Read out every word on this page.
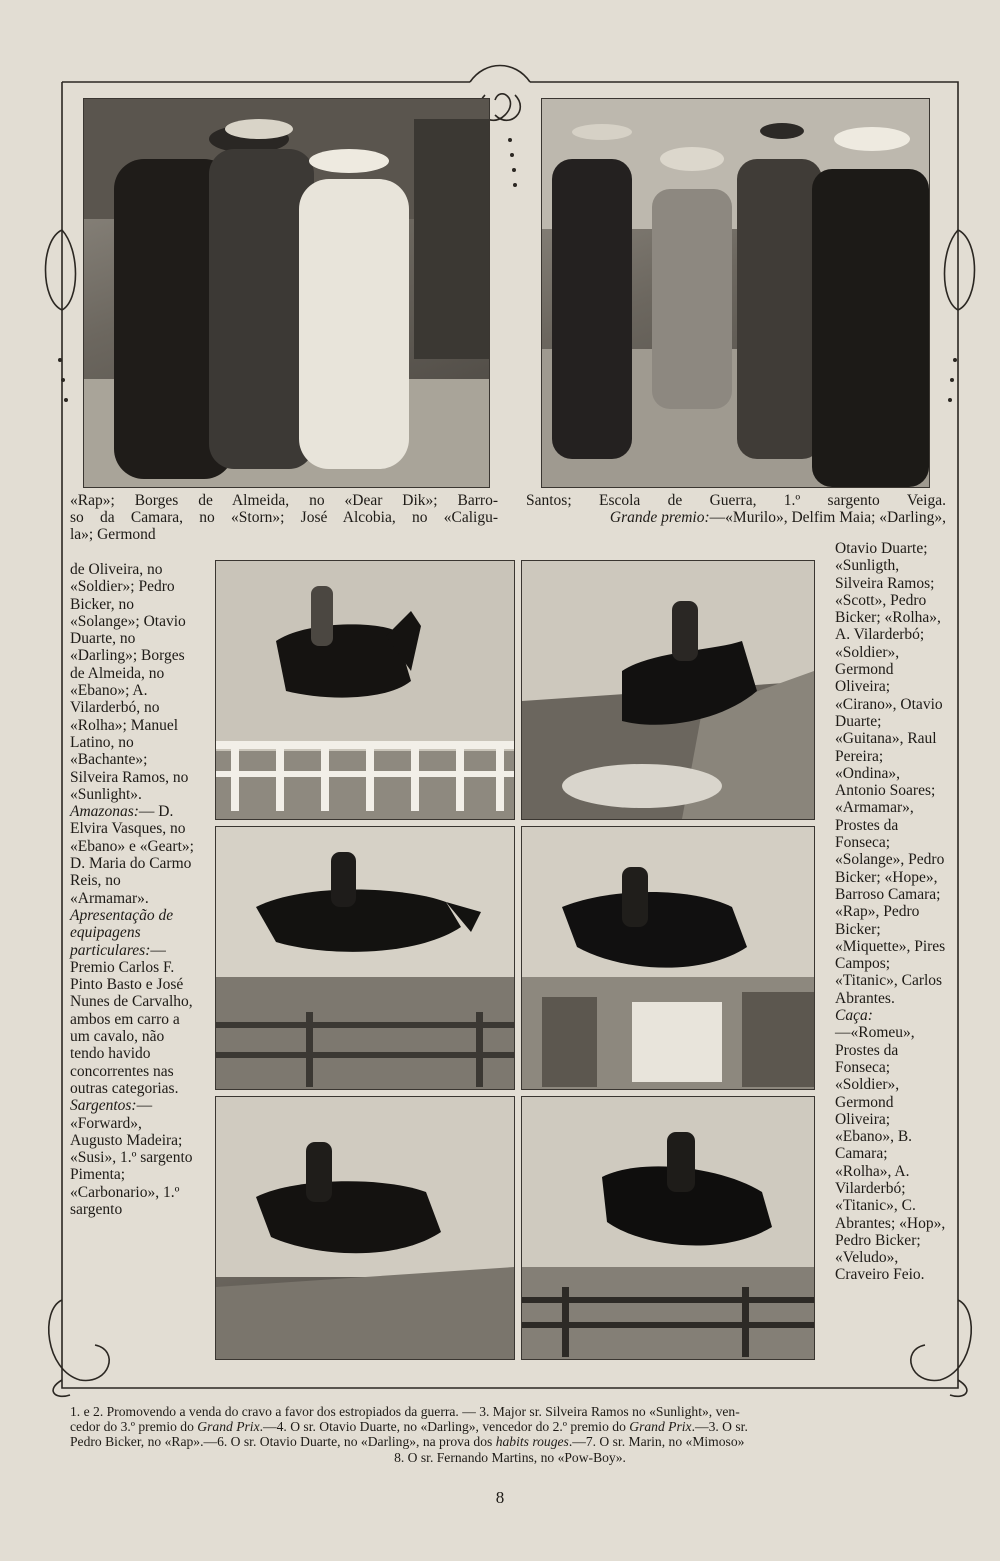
«Rap»; Borges de Almeida, no «Dear Dik»; Barro-
so da Camara, no «Storn»; José Alcobia, no «Caligu-
la»; Germond
Santos; Escola de Guerra, 1.º sargento Veiga.
Grande premio:—«Murilo», Delfim Maia; «Darling»,

de Oliveira, no «Soldier»; Pedro Bicker, no «Solange»; Otavio Duarte, no «Darling»; Borges de Almeida, no «Ebano»; A. Vilarderbó, no «Rolha»; Manuel Latino, no «Bachante»; Silveira Ramos, no «Sunlight».

Amazonas:— D. Elvira Vasques, no «Ebano» e «Geart»; D. Maria do Carmo Reis, no «Armamar».

Apresentação de equipagens particulares:—Premio Carlos F. Pinto Basto e José Nunes de Carvalho, ambos em carro a um cavalo, não tendo havido concorrentes nas outras categorias.

Sargentos:— «Forward», Augusto Madeira; «Susi», 1.º sargento Pimenta; «Carbonario», 1.º sargento

Otavio Duarte; «Sunligth, Silveira Ramos; «Scott», Pedro Bicker; «Rolha», A. Vilarderbó; «Soldier», Germond Oliveira; «Cirano», Otavio Duarte; «Guitana», Raul Pereira; «Ondina», Antonio Soares; «Armamar», Prostes da Fonseca; «Solange», Pedro Bicker; «Hope», Barroso Camara; «Rap», Pedro Bicker; «Miquette», Pires Campos; «Titanic», Carlos Abrantes.

Caça:—«Romeu», Prostes da Fonseca; «Soldier», Germond Oliveira; «Ebano», B. Camara; «Rolha», A. Vilarderbó; «Titanic», C. Abrantes; «Hop», Pedro Bicker; «Veludo», Craveiro Feio.

1. e 2. Promovendo a venda do cravo a favor dos estropiados da guerra. — 3. Major sr. Silveira Ramos no «Sunlight», ven-
cedor do 3.º premio do Grand Prix.—4. O sr. Otavio Duarte, no «Darling», vencedor do 2.º premio do Grand Prix.—3. O sr.
Pedro Bicker, no «Rap».—6. O sr. Otavio Duarte, no «Darling», na prova dos habits rouges.—7. O sr. Marin, no «Mimoso»
8. O sr. Fernando Martins, no «Pow-Boy».
8
